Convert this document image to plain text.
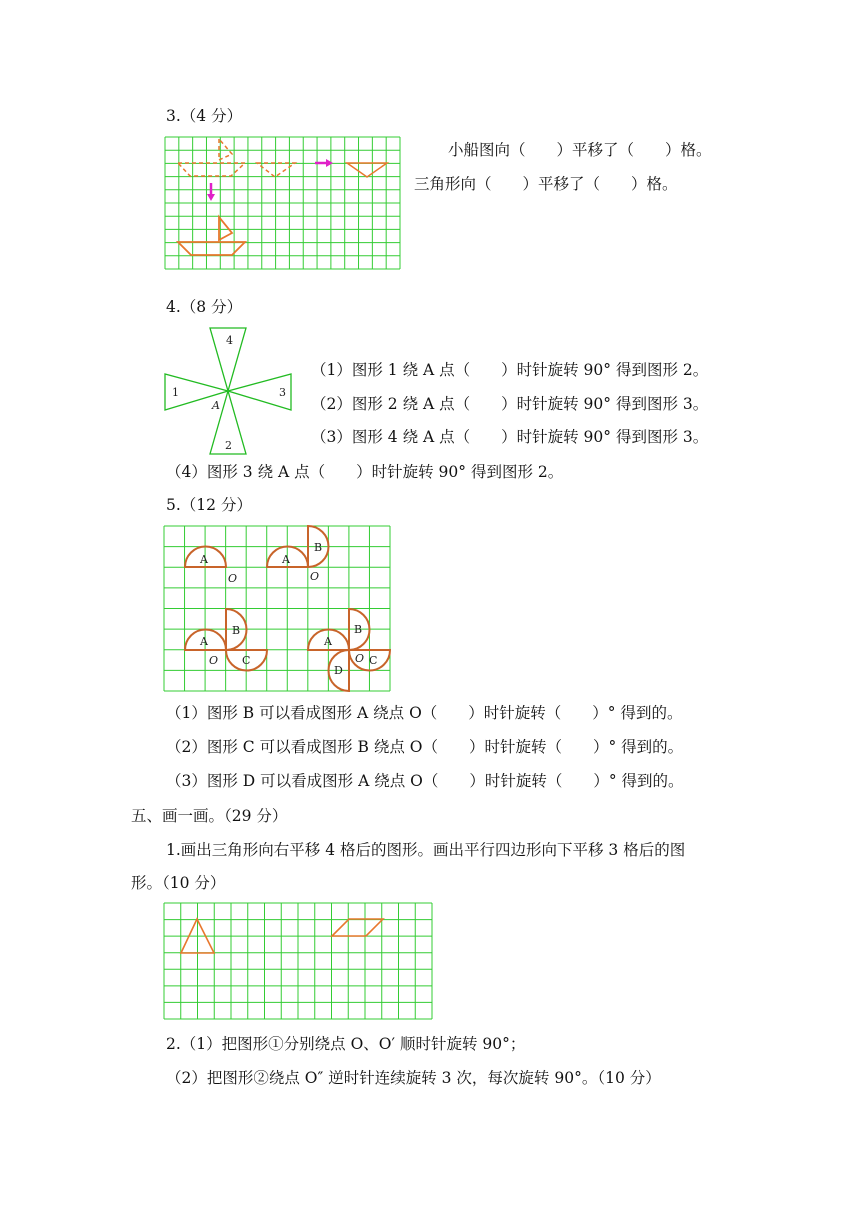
3.（4 分）
小船图向（　　）平移了（　　）格。
三角形向（　　）平移了（　　）格。
4.（8 分）
4
2
1	3
A
（1）图形 1 绕 A 点（　　）时针旋转 90° 得到图形 2。
（2）图形 2 绕 A 点（　　）时针旋转 90° 得到图形 3。
（3）图形 4 绕 A 点（　　）时针旋转 90° 得到图形 3。
（4）图形 3 绕 A 点（　　）时针旋转 90° 得到图形 2。
5.（12 分）
A
O
A
B
O
A
B
O C
A
B
O C
D
（1）图形 B 可以看成图形 A 绕点 O（　　）时针旋转（　　）° 得到的。
（2）图形 C 可以看成图形 B 绕点 O（　　）时针旋转（　　）° 得到的。
（3）图形 D 可以看成图形 A 绕点 O（　　）时针旋转（　　）° 得到的。
五、画一画。（29 分）
1.画出三角形向右平移 4 格后的图形。画出平行四边形向下平移 3 格后的图
形。（10 分）
2.（1）把图形①分别绕点 O、O′ 顺时针旋转 90°；
（2）把图形②绕点 O″ 逆时针连续旋转 3 次，每次旋转 90°。（10 分）
